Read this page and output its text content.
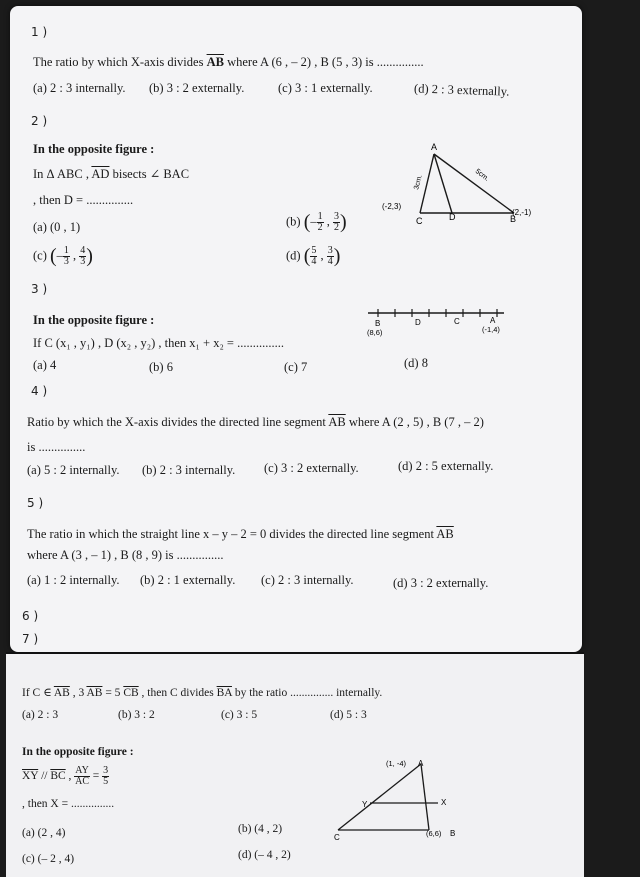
1 )
The ratio by which X-axis divides $\overline{AB}$ where A (6 , – 2) , B (5 , 3) is ...............
(a) 2 : 3 internally. (b) 3 : 2 externally.	(c) 3 : 1 externally.	(d) 2 : 3 externally.
2 )
In the opposite figure :
In Δ ABC , $\overline{AD}$ bisects ∠ BAC
, then D = ...............
(a) (0 , 1)	(b) (– $\frac{1}{2}$ , $\frac{3}{2}$ )
(c) (– $\frac{1}{3}$ , $\frac{4}{3}$ )	(d) ( $\frac{5}{4}$ , $\frac{3}{4}$ )
A
C	D	B
(-2,3)
(2,-1)
3cm.	5cm.
3 )
In the opposite figure :
If C (x₁ , y₁) , D (x₂ , y₂) , then x₁ + x₂ = ...............
(a) 4	(b) 6	(c) 7	(d) 8
B	D	C	A
(8,6)	(-1,4)
4 )
Ratio by which the X-axis divides the directed line segment $\overline{AB}$ where A (2 , 5) , B (7 , – 2)
is ...............
(a) 5 : 2 internally. (b) 2 : 3 internally. (c) 3 : 2 externally.	(d) 2 : 5 externally.
5 )
The ratio in which the straight line x – y – 2 = 0 divides the directed line segment $\overline{AB}$
where A (3 , – 1) , B (8 , 9) is ...............
(a) 1 : 2 internally. (b) 2 : 1 externally. (c) 2 : 3 internally.	(d) 3 : 2 externally.
6 )
7 )
If C ∈ $\overline{AB}$ , 3 $\overline{AB} = 5$ $\overline{CB}$ , then C divides $\overline{BA}$ by the ratio ............... internally.
(a) 2 : 3	(b) 3 : 2	(c) 3 : 5	(d) 5 : 3
In the opposite figure :
$\overline{XY} // \overline{BC}$ , $\frac{AY}{AC} = \frac{3}{5}$
, then X = ...............
(a) (2 , 4)	(b) (4 , 2)
(c) (– 2 , 4)	(d) (– 4 , 2)
A
(1, -4)
Y	X
C	(6,6) B
